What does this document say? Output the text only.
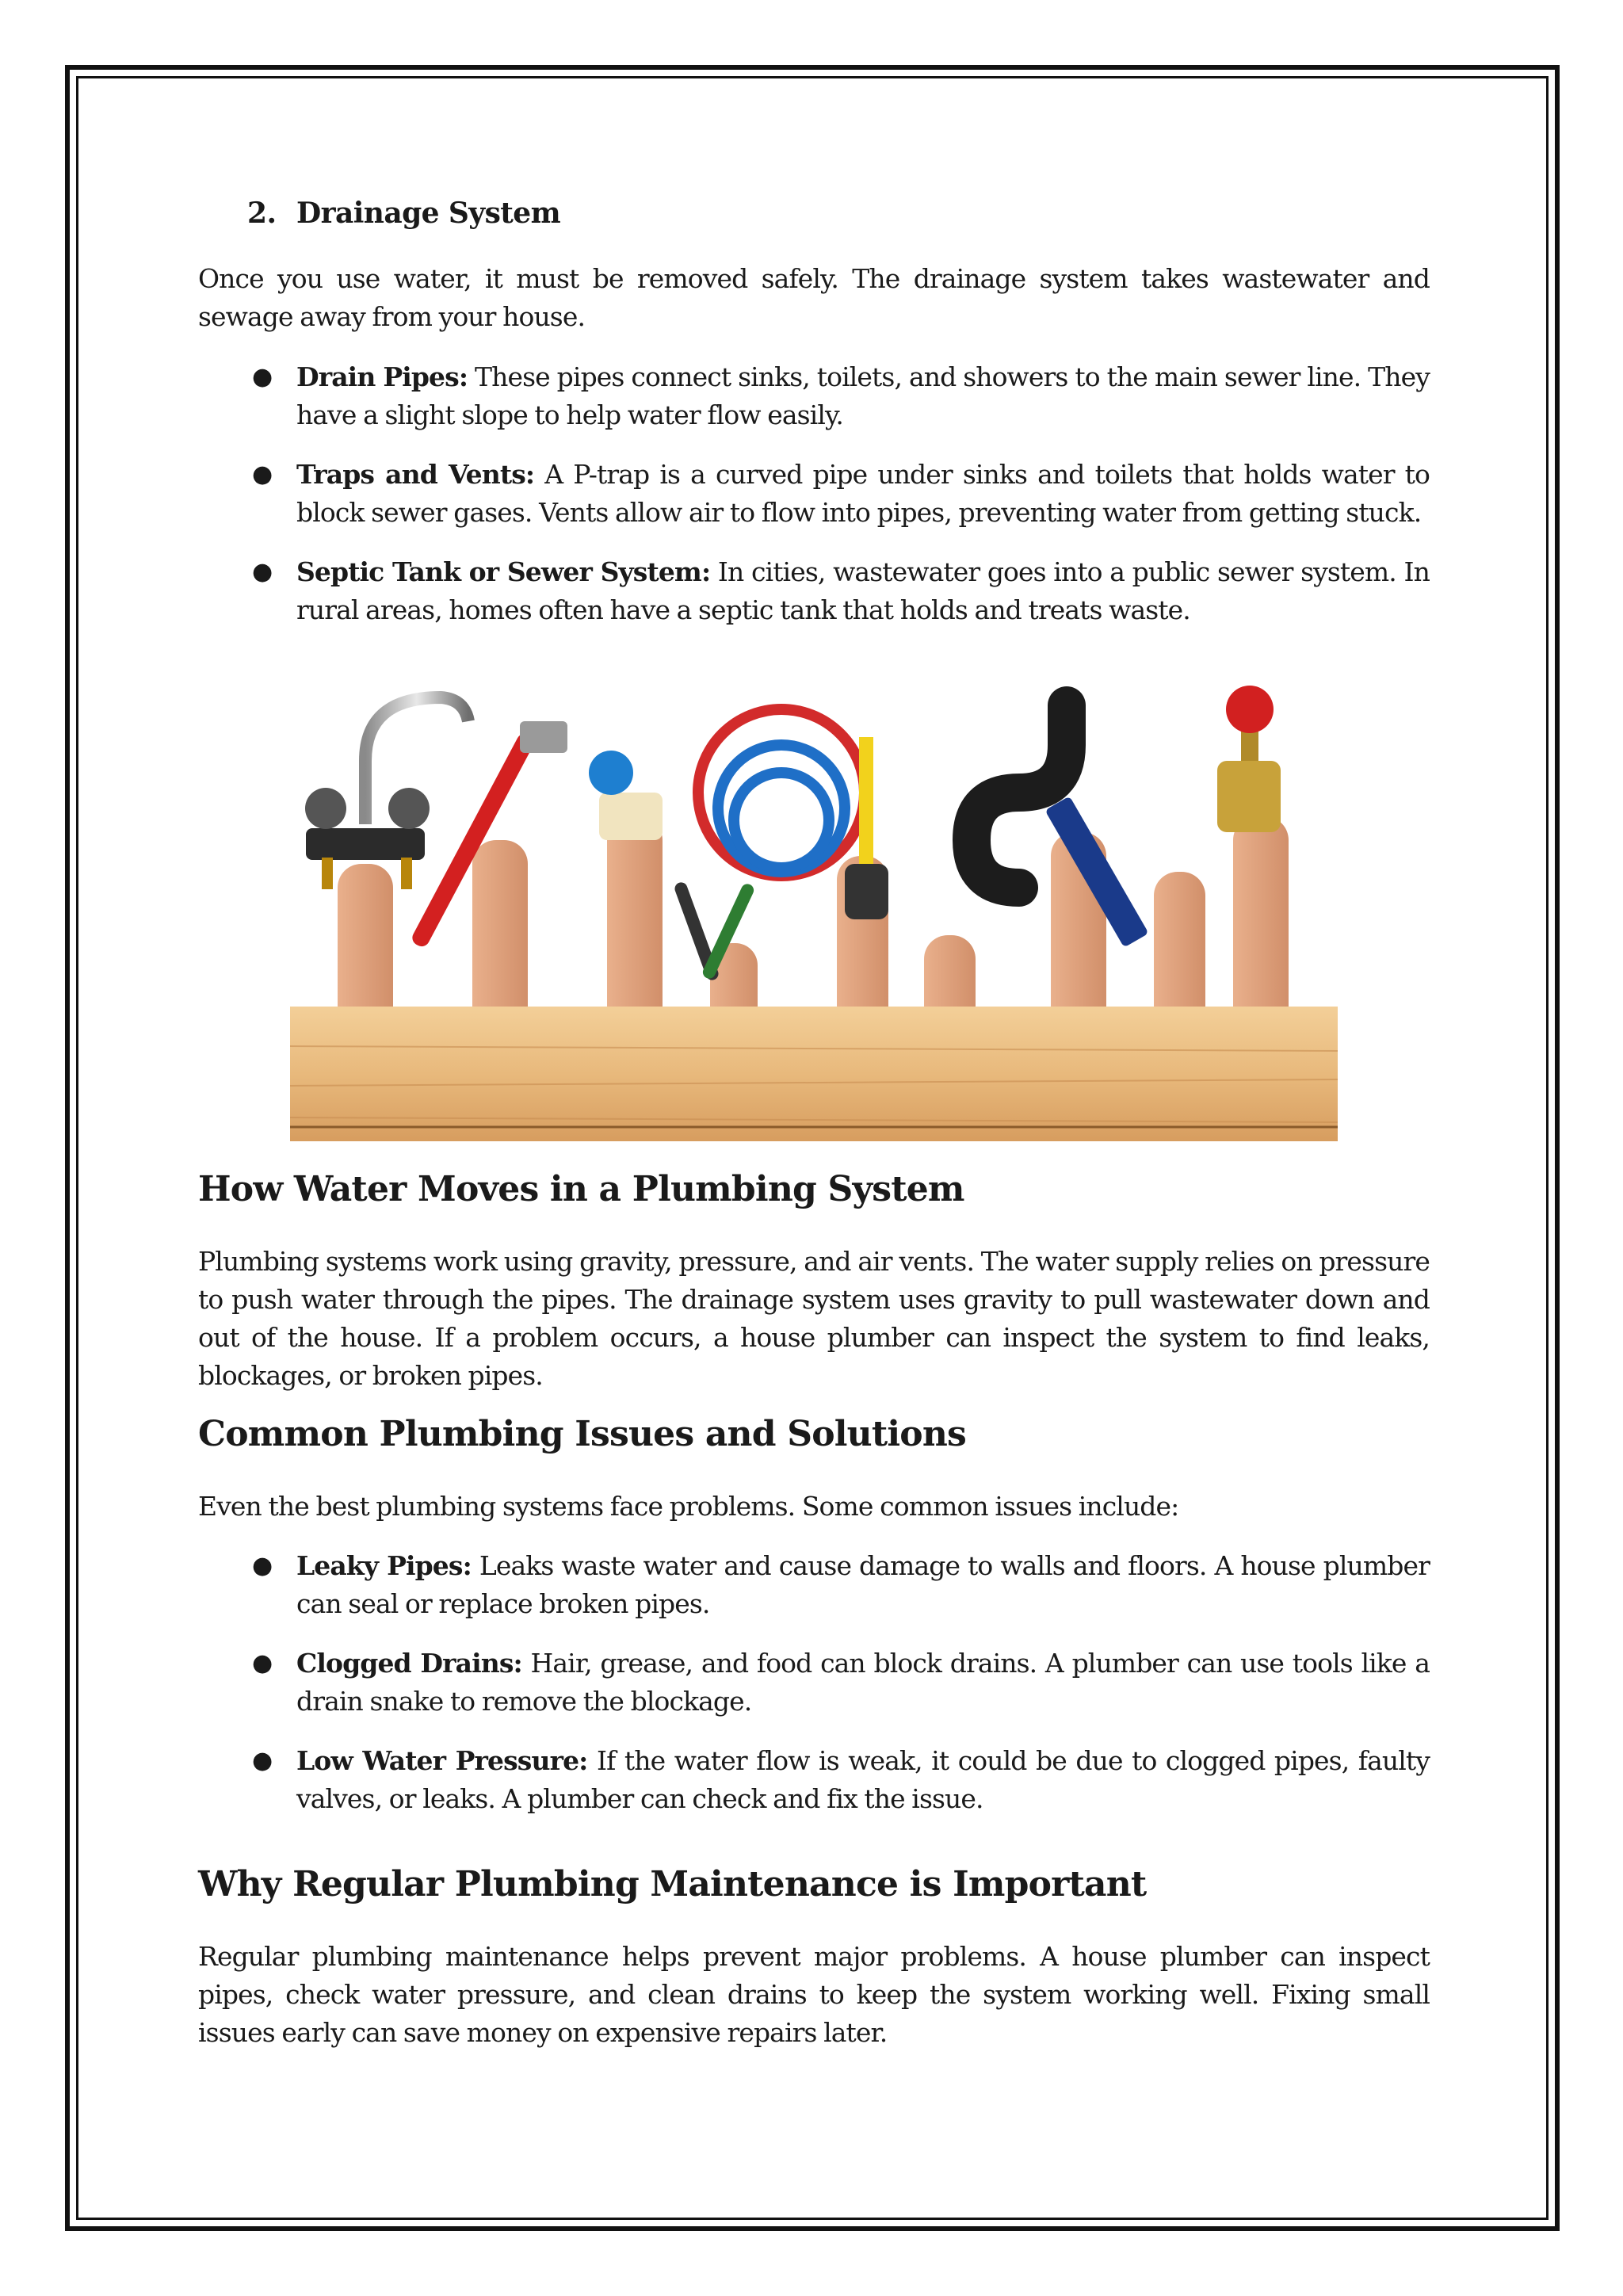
2. Drainage System

Once you use water, it must be removed safely. The drainage system takes wastewater and sewage away from your house.

● Drain Pipes: These pipes connect sinks, toilets, and showers to the main sewer line. They have a slight slope to help water flow easily.
● Traps and Vents: A P-trap is a curved pipe under sinks and toilets that holds water to block sewer gases. Vents allow air to flow into pipes, preventing water from getting stuck.
● Septic Tank or Sewer System: In cities, wastewater goes into a public sewer system. In rural areas, homes often have a septic tank that holds and treats waste.
How Water Moves in a Plumbing System

Plumbing systems work using gravity, pressure, and air vents. The water supply relies on pressure to push water through the pipes. The drainage system uses gravity to pull wastewater down and out of the house. If a problem occurs, a house plumber can inspect the system to find leaks, blockages, or broken pipes.

Common Plumbing Issues and Solutions

Even the best plumbing systems face problems. Some common issues include:

● Leaky Pipes: Leaks waste water and cause damage to walls and floors. A house plumber can seal or replace broken pipes.
● Clogged Drains: Hair, grease, and food can block drains. A plumber can use tools like a drain snake to remove the blockage.
● Low Water Pressure: If the water flow is weak, it could be due to clogged pipes, faulty valves, or leaks. A plumber can check and fix the issue.
Why Regular Plumbing Maintenance is Important

Regular plumbing maintenance helps prevent major problems. A house plumber can inspect pipes, check water pressure, and clean drains to keep the system working well. Fixing small issues early can save money on expensive repairs later.
